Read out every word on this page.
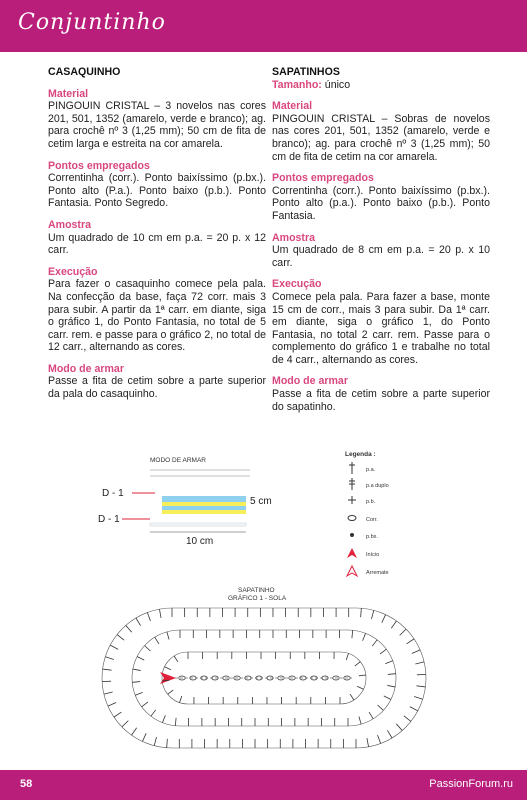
Conjuntinho
CASAQUINHO
Material
PINGOUIN CRISTAL – 3 novelos nas cores 201, 501, 1352 (amarelo, verde e branco); ag. para crochê nº 3 (1,25 mm); 50 cm de fita de cetim larga e estreita na cor amarela.
Pontos empregados
Correntinha (corr.). Ponto baixíssimo (p.bx.). Ponto alto (P.a.). Ponto baixo (p.b.). Ponto Fantasia. Ponto Segredo.
Amostra
Um quadrado de 10 cm em p.a. = 20 p. x 12 carr.
Execução
Para fazer o casaquinho comece pela pala. Na confecção da base, faça 72 corr. mais 3 para subir. A partir da 1ª carr. em diante, siga o gráfico 1, do Ponto Fantasia, no total de 5 carr. rem. e passe para o gráfico 2, no total de 12 carr., alternando as cores.
Modo de armar
Passe a fita de cetim sobre a parte superior da pala do casaquinho.
SAPATINHOS
Tamanho: único
Material
PINGOUIN CRISTAL – Sobras de novelos nas cores 201, 501, 1352 (amarelo, verde e branco); ag. para crochê nº 3 (1,25 mm); 50 cm de fita de cetim na cor amarela.
Pontos empregados
Correntinha (corr.). Ponto baixíssimo (p.bx.). Ponto alto (p.a.). Ponto baixo (p.b.). Ponto Fantasia.
Amostra
Um quadrado de 8 cm em p.a. = 20 p. x 10 carr.
Execução
Comece pela pala. Para fazer a base, monte 15 cm de corr., mais 3 para subir. Da 1ª carr. em diante, siga o gráfico 1, do Ponto Fantasia, no total 2 carr. rem. Passe para o complemento do gráfico 1 e trabalhe no total de 4 carr., alternando as cores.
Modo de armar
Passe a fita de cetim sobre a parte superior do sapatinho.
MODO DE ARMAR
D - 1
D - 1
5 cm
10 cm
Legenda :
p.a.
p.a duplo
p.b.
Corr.
p.bx.
Início
Arremate
SAPATINHO
GRÁFICO 1 - SOLA
58	PassionForum.ru
